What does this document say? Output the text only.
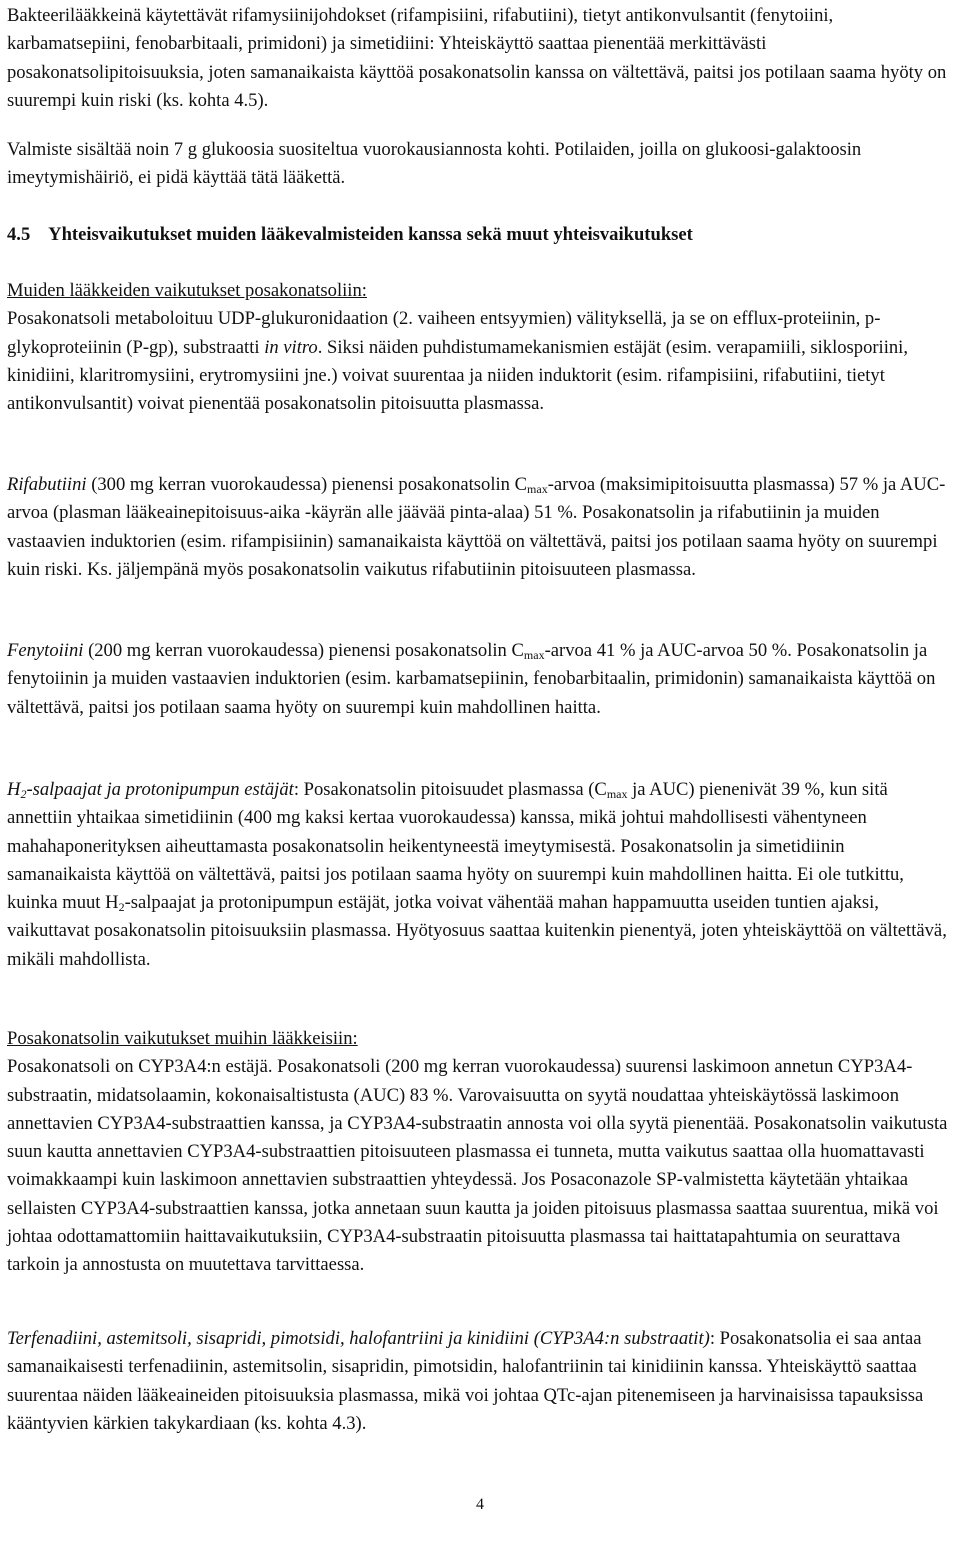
Bakteerilääkkeinä käytettävät rifamysiinijohdokset (rifampisiini, rifabutiini), tietyt antikonvulsantit (fenytoiini, karbamatsepiini, fenobarbitaali, primidoni) ja simetidiini: Yhteiskäyttö saattaa pienentää merkittävästi posakonatsolipitoisuuksia, joten samanaikaista käyttöä posakonatsolin kanssa on vältettävä, paitsi jos potilaan saama hyöty on suurempi kuin riski (ks. kohta 4.5).

Valmiste sisältää noin 7 g glukoosia suositeltua vuorokausiannosta kohti. Potilaiden, joilla on glukoosi-galaktoosin imeytymishäiriö, ei pidä käyttää tätä lääkettä.

4.5    Yhteisvaikutukset muiden lääkevalmisteiden kanssa sekä muut yhteisvaikutukset

Muiden lääkkeiden vaikutukset posakonatsoliin:
Posakonatsoli metaboloituu UDP-glukuronidaation (2. vaiheen entsyymien) välityksellä, ja se on efflux-proteiinin, p-glykoproteiinin (P-gp), substraatti in vitro. Siksi näiden puhdistumamekanismien estäjät (esim. verapamiili, siklosporiini, kinidiini, klaritromysiini, erytromysiini jne.) voivat suurentaa ja niiden induktorit (esim. rifampisiini, rifabutiini, tietyt antikonvulsantit) voivat pienentää posakonatsolin pitoisuutta plasmassa.

Rifabutiini (300 mg kerran vuorokaudessa) pienensi posakonatsolin $C_{max}$-arvoa (maksimipitoisuutta plasmassa) 57 % ja AUC-arvoa (plasman lääkeainepitoisuus-aika -käyrän alle jäävää pinta-alaa) 51 %. Posakonatsolin ja rifabutiinin ja muiden vastaavien induktorien (esim. rifampisiinin) samanaikaista käyttöä on vältettävä, paitsi jos potilaan saama hyöty on suurempi kuin riski. Ks. jäljempänä myös posakonatsolin vaikutus rifabutiinin pitoisuuteen plasmassa.

Fenytoiini (200 mg kerran vuorokaudessa) pienensi posakonatsolin $C_{max}$-arvoa 41 % ja AUC-arvoa 50 %. Posakonatsolin ja fenytoiinin ja muiden vastaavien induktorien (esim. karbamatsepiinin, fenobarbitaalin, primidonin) samanaikaista käyttöä on vältettävä, paitsi jos potilaan saama hyöty on suurempi kuin mahdollinen haitta.

$H_2$-salpaajat ja protonipumpun estäjät: Posakonatsolin pitoisuudet plasmassa ($C_{max}$ ja AUC) pienenivät 39 %, kun sitä annettiin yhtaikaa simetidiinin (400 mg kaksi kertaa vuorokaudessa) kanssa, mikä johtui mahdollisesti vähentyneen mahahaponerityksen aiheuttamasta posakonatsolin heikentyneestä imeytymisestä. Posakonatsolin ja simetidiinin samanaikaista käyttöä on vältettävä, paitsi jos potilaan saama hyöty on suurempi kuin mahdollinen haitta. Ei ole tutkittu, kuinka muut $H_2$-salpaajat ja protonipumpun estäjät, jotka voivat vähentää mahan happamuutta useiden tuntien ajaksi, vaikuttavat posakonatsolin pitoisuuksiin plasmassa. Hyötyosuus saattaa kuitenkin pienentyä, joten yhteiskäyttöä on vältettävä, mikäli mahdollista.

Posakonatsolin vaikutukset muihin lääkkeisiin:
Posakonatsoli on CYP3A4:n estäjä. Posakonatsoli (200 mg kerran vuorokaudessa) suurensi laskimoon annetun CYP3A4-substraatin, midatsolaamin, kokonaisaltistusta (AUC) 83 %. Varovaisuutta on syytä noudattaa yhteiskäytössä laskimoon annettavien CYP3A4-substraattien kanssa, ja CYP3A4-substraatin annosta voi olla syytä pienentää. Posakonatsolin vaikutusta suun kautta annettavien CYP3A4-substraattien pitoisuuteen plasmassa ei tunneta, mutta vaikutus saattaa olla huomattavasti voimakkaampi kuin laskimoon annettavien substraattien yhteydessä. Jos Posaconazole SP-valmistetta käytetään yhtaikaa sellaisten CYP3A4-substraattien kanssa, jotka annetaan suun kautta ja joiden pitoisuus plasmassa saattaa suurentua, mikä voi johtaa odottamattomiin haittavaikutuksiin, CYP3A4-substraatin pitoisuutta plasmassa tai haittatapahtumia on seurattava tarkoin ja annostusta on muutettava tarvittaessa.

Terfenadiini, astemitsoli, sisapridi, pimotsidi, halofantriini ja kinidiini (CYP3A4:n substraatit): Posakonatsolia ei saa antaa samanaikaisesti terfenadiinin, astemitsolin, sisapridin, pimotsidin, halofantriinin tai kinidiinin kanssa. Yhteiskäyttö saattaa suurentaa näiden lääkeaineiden pitoisuuksia plasmassa, mikä voi johtaa QTc-ajan pitenemiseen ja harvinaisissa tapauksissa kääntyvien kärkien takykardiaan (ks. kohta 4.3).

4
